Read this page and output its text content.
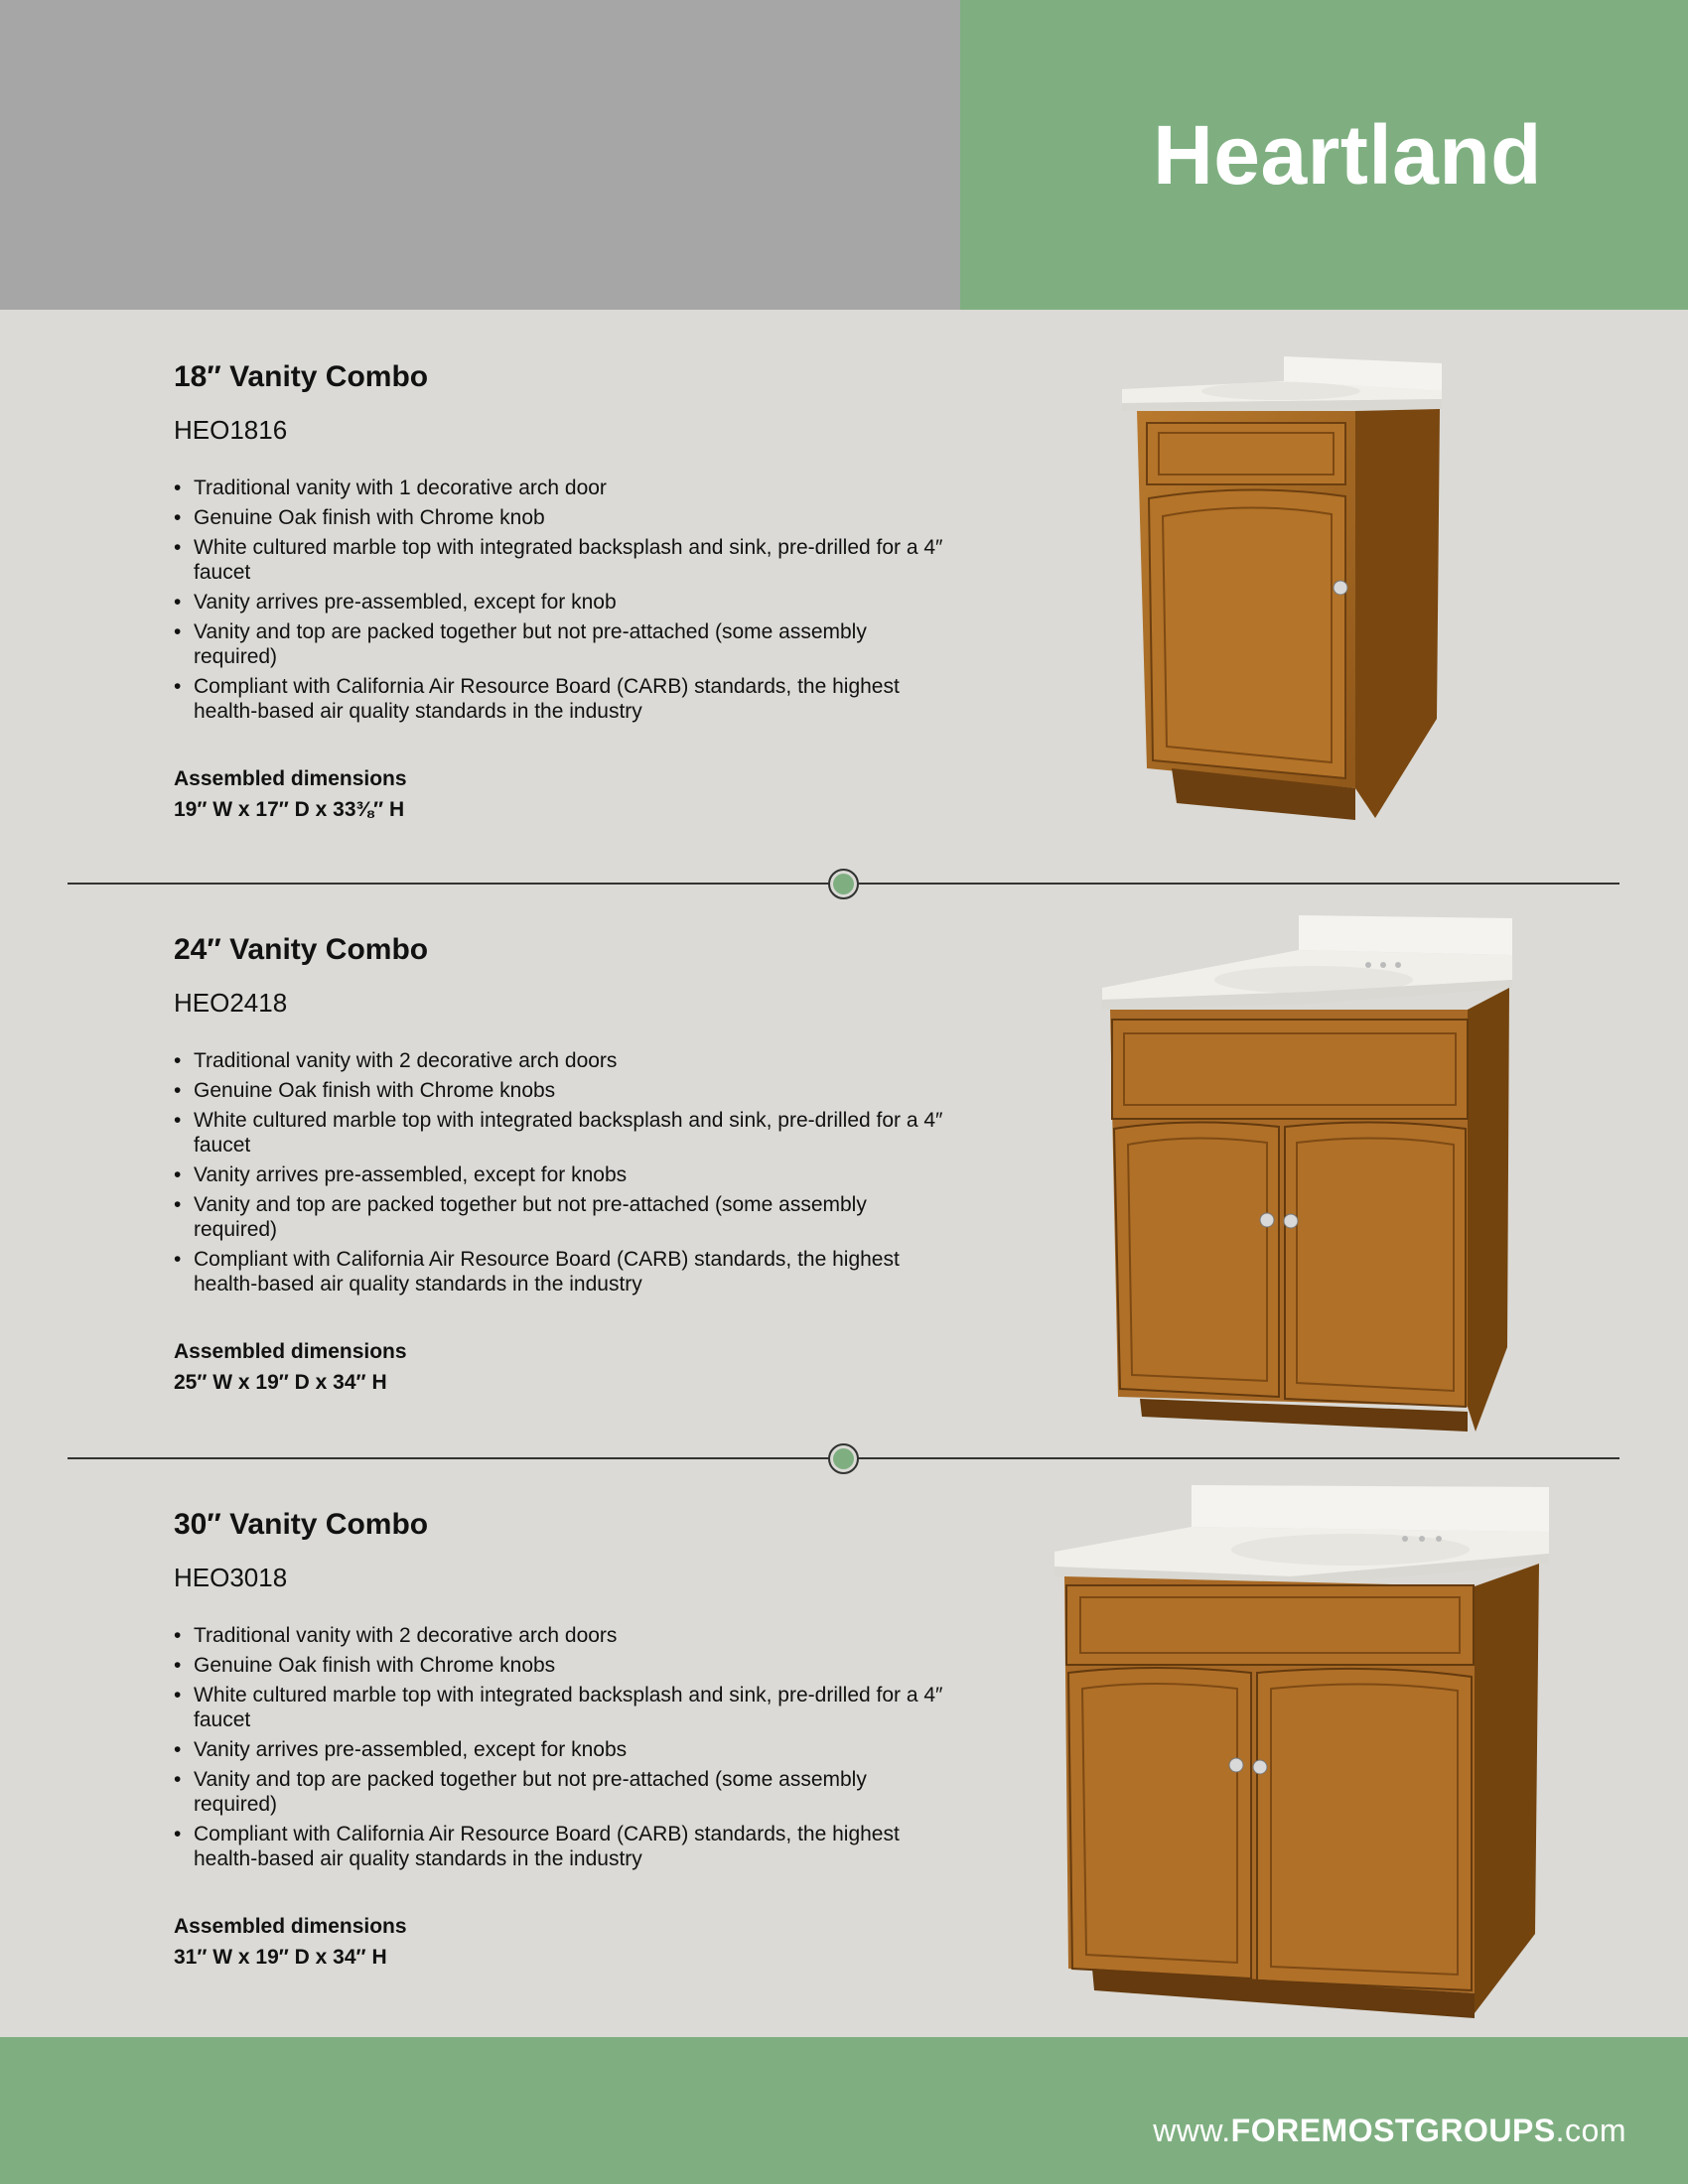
Heartland
18″ Vanity Combo
HEO1816
• Traditional vanity with 1 decorative arch door
• Genuine Oak finish with Chrome knob
• White cultured marble top with integrated backsplash and sink, pre-drilled for a 4″ faucet
• Vanity arrives pre-assembled, except for knob
• Vanity and top are packed together but not pre-attached (some assembly required)
• Compliant with California Air Resource Board (CARB) standards, the highest health-based air quality standards in the industry
Assembled dimensions
19″ W x 17″ D x 33⅜″ H
24″ Vanity Combo
HEO2418
• Traditional vanity with 2 decorative arch doors
• Genuine Oak finish with Chrome knobs
• White cultured marble top with integrated backsplash and sink, pre-drilled for a 4″ faucet
• Vanity arrives pre-assembled, except for knobs
• Vanity and top are packed together but not pre-attached (some assembly required)
• Compliant with California Air Resource Board (CARB) standards, the highest health-based air quality standards in the industry
Assembled dimensions
25″ W x 19″ D x 34″ H
30″ Vanity Combo
HEO3018
• Traditional vanity with 2 decorative arch doors
• Genuine Oak finish with Chrome knobs
• White cultured marble top with integrated backsplash and sink, pre-drilled for a 4″ faucet
• Vanity arrives pre-assembled, except for knobs
• Vanity and top are packed together but not pre-attached (some assembly required)
• Compliant with California Air Resource Board (CARB) standards, the highest health-based air quality standards in the industry
Assembled dimensions
31″ W x 19″ D x 34″ H
www.FOREMOSTGROUPS.com
